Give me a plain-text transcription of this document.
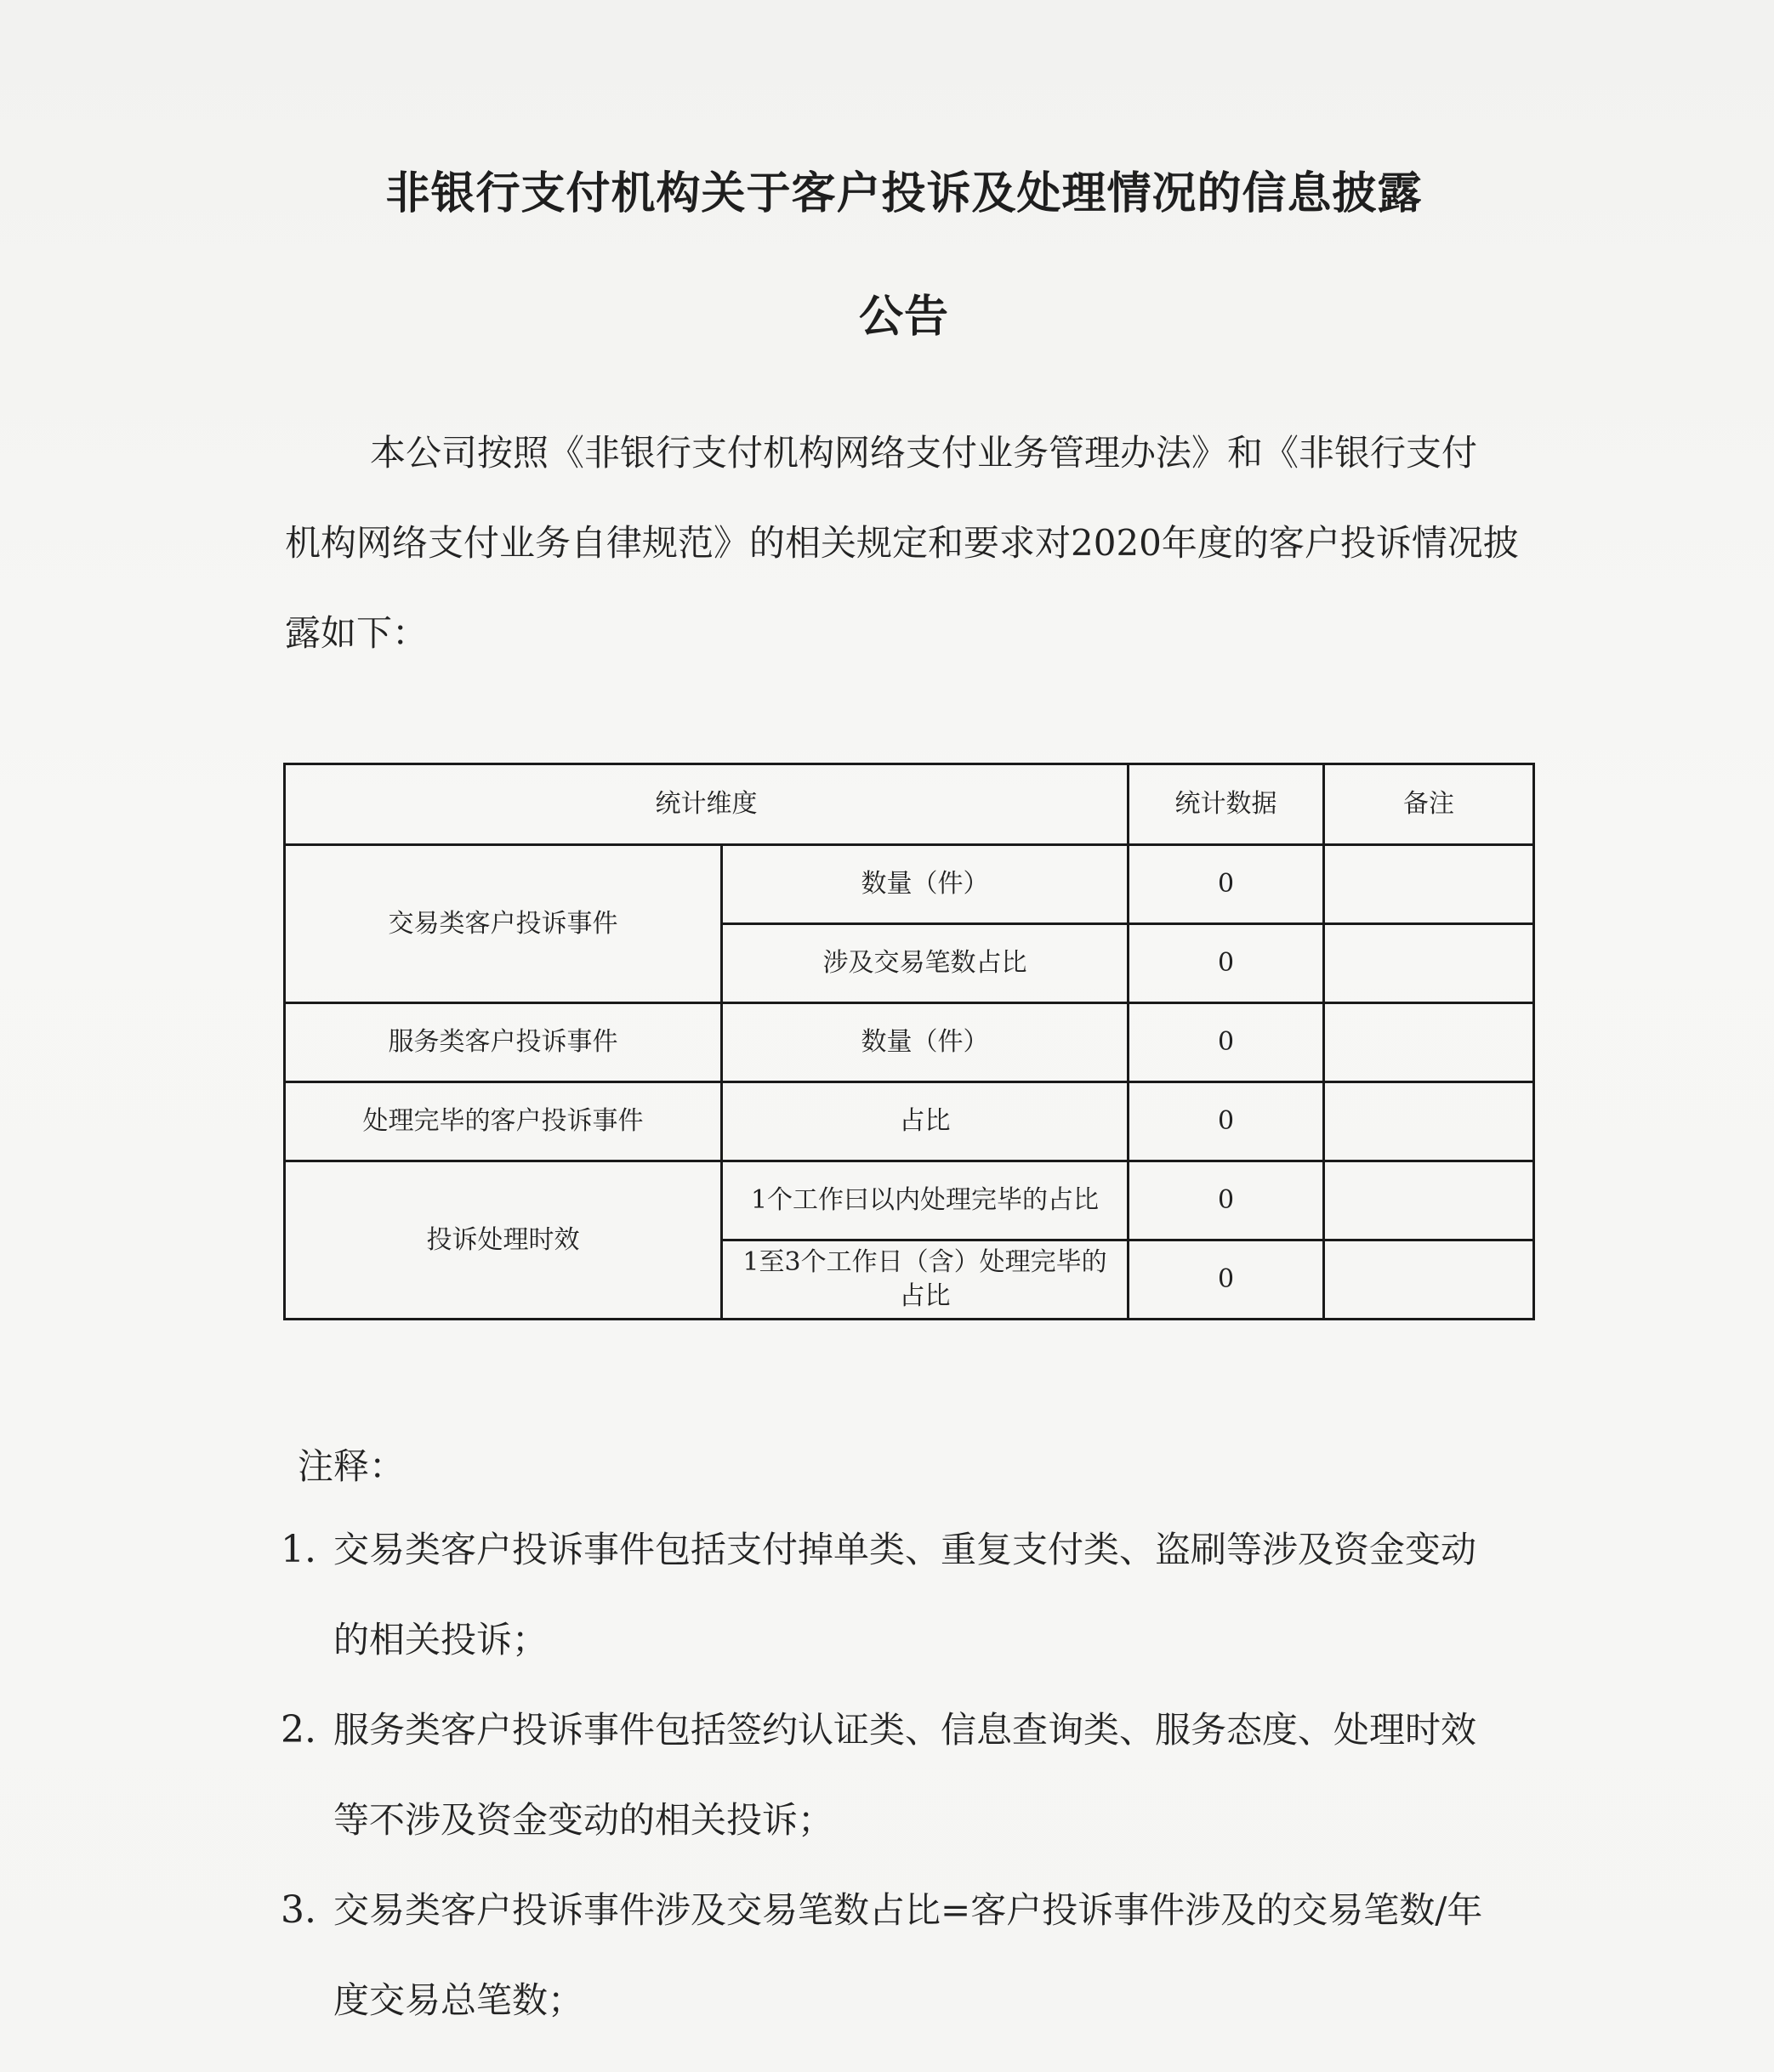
非银行支付机构关于客户投诉及处理情况的信息披露
公告
本公司按照《非银行支付机构网络支付业务管理办法》和《非银行支付
机构网络支付业务自律规范》的相关规定和要求对2020年度的客户投诉情况披
露如下：
统计维度		统计数据	备注
交易类客户投诉事件	数量（件）	0	
	涉及交易笔数占比	0	
服务类客户投诉事件	数量（件）	0	
处理完毕的客户投诉事件	占比	0	
投诉处理时效	1个工作曰以内处理完毕的占比	0	

	1至3个工作日（含）处理完毕的
占比	0	
注释：
1. 交易类客户投诉事件包括支付掉单类、重复支付类、盗刷等涉及资金变动
的相关投诉；
2. 服务类客户投诉事件包括签约认证类、信息查询类、服务态度、处理时效
等不涉及资金变动的相关投诉；
3. 交易类客户投诉事件涉及交易笔数占比=客户投诉事件涉及的交易笔数/年
度交易总笔数；
